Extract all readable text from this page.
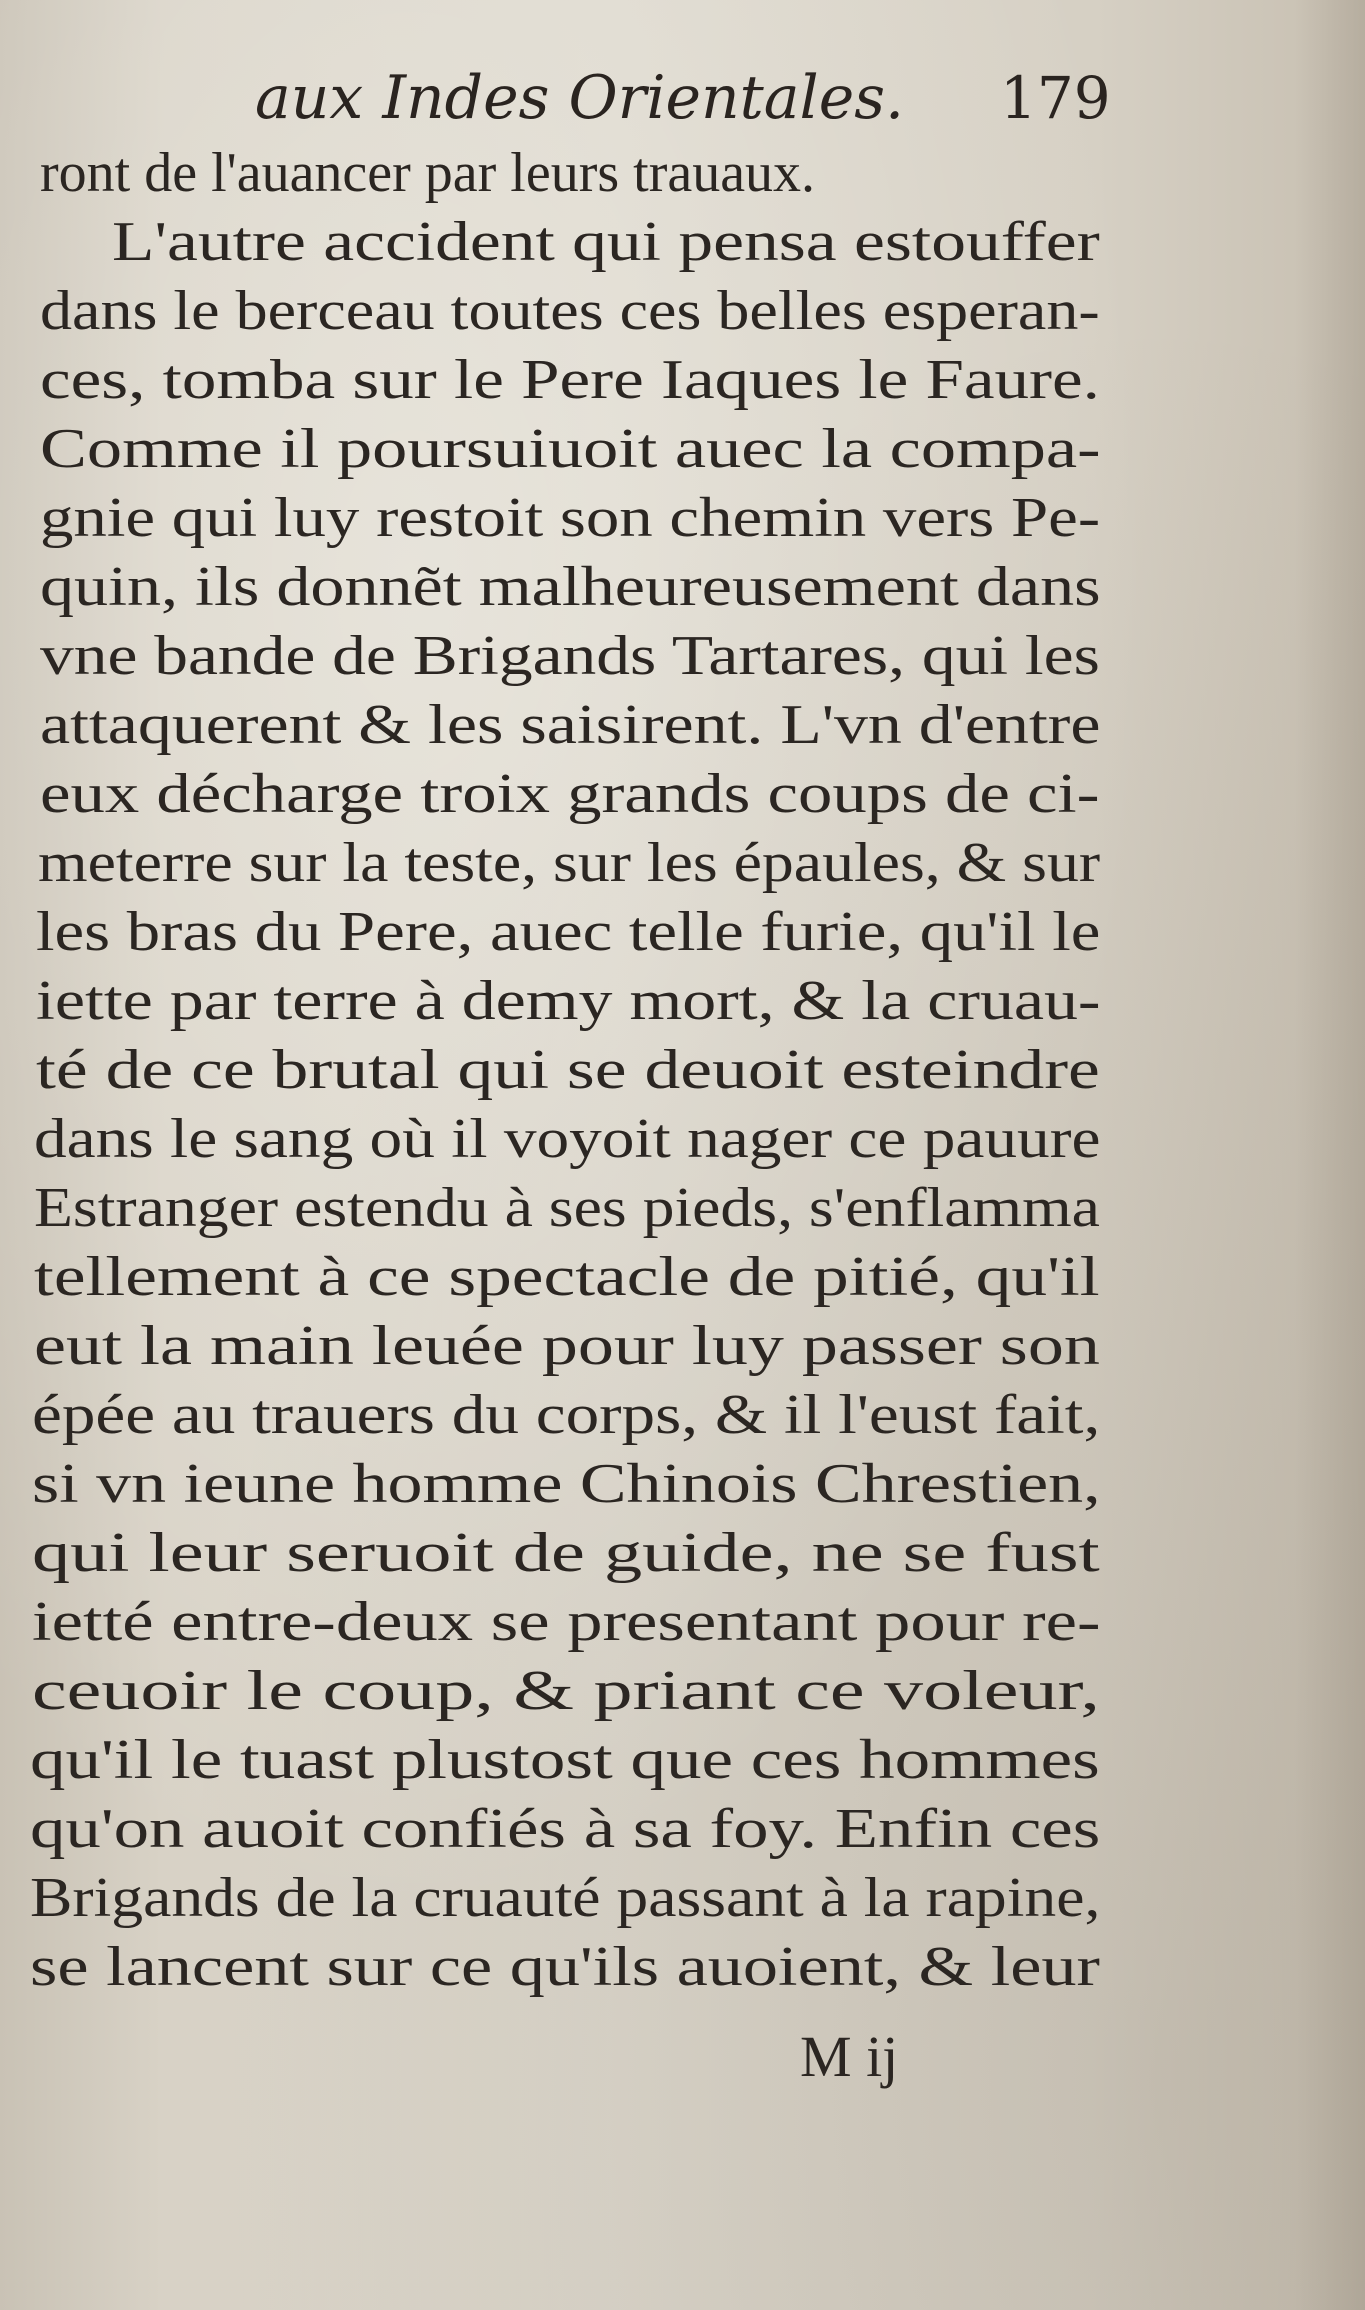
aux Indes Orientales. 179
ront de l'auancer par leurs trauaux.
L'autre accident qui pensa estouffer
dans le berceau toutes ces belles esperan-
ces, tomba sur le Pere Iaques le Faure.
Comme il poursuiuoit auec la compa-
gnie qui luy restoit son chemin vers Pe-
quin, ils donnẽt malheureusement dans
vne bande de Brigands Tartares, qui les
attaquerent & les saisirent. L'vn d'entre
eux décharge troix grands coups de ci-
meterre sur la teste, sur les épaules, & sur
les bras du Pere, auec telle furie, qu'il le
iette par terre à demy mort, & la cruau-
té de ce brutal qui se deuoit esteindre
dans le sang où il voyoit nager ce pauure
Estranger estendu à ses pieds, s'enflamma
tellement à ce spectacle de pitié, qu'il
eut la main leuée pour luy passer son
épée au trauers du corps, & il l'eust fait,
si vn ieune homme Chinois Chrestien,
qui leur seruoit de guide, ne se fust
ietté entre-deux se presentant pour re-
ceuoir le coup, & priant ce voleur,
qu'il le tuast plustost que ces hommes
qu'on auoit confiés à sa foy. Enfin ces
Brigands de la cruauté passant à la rapine,
se lancent sur ce qu'ils auoient, & leur
M ij
